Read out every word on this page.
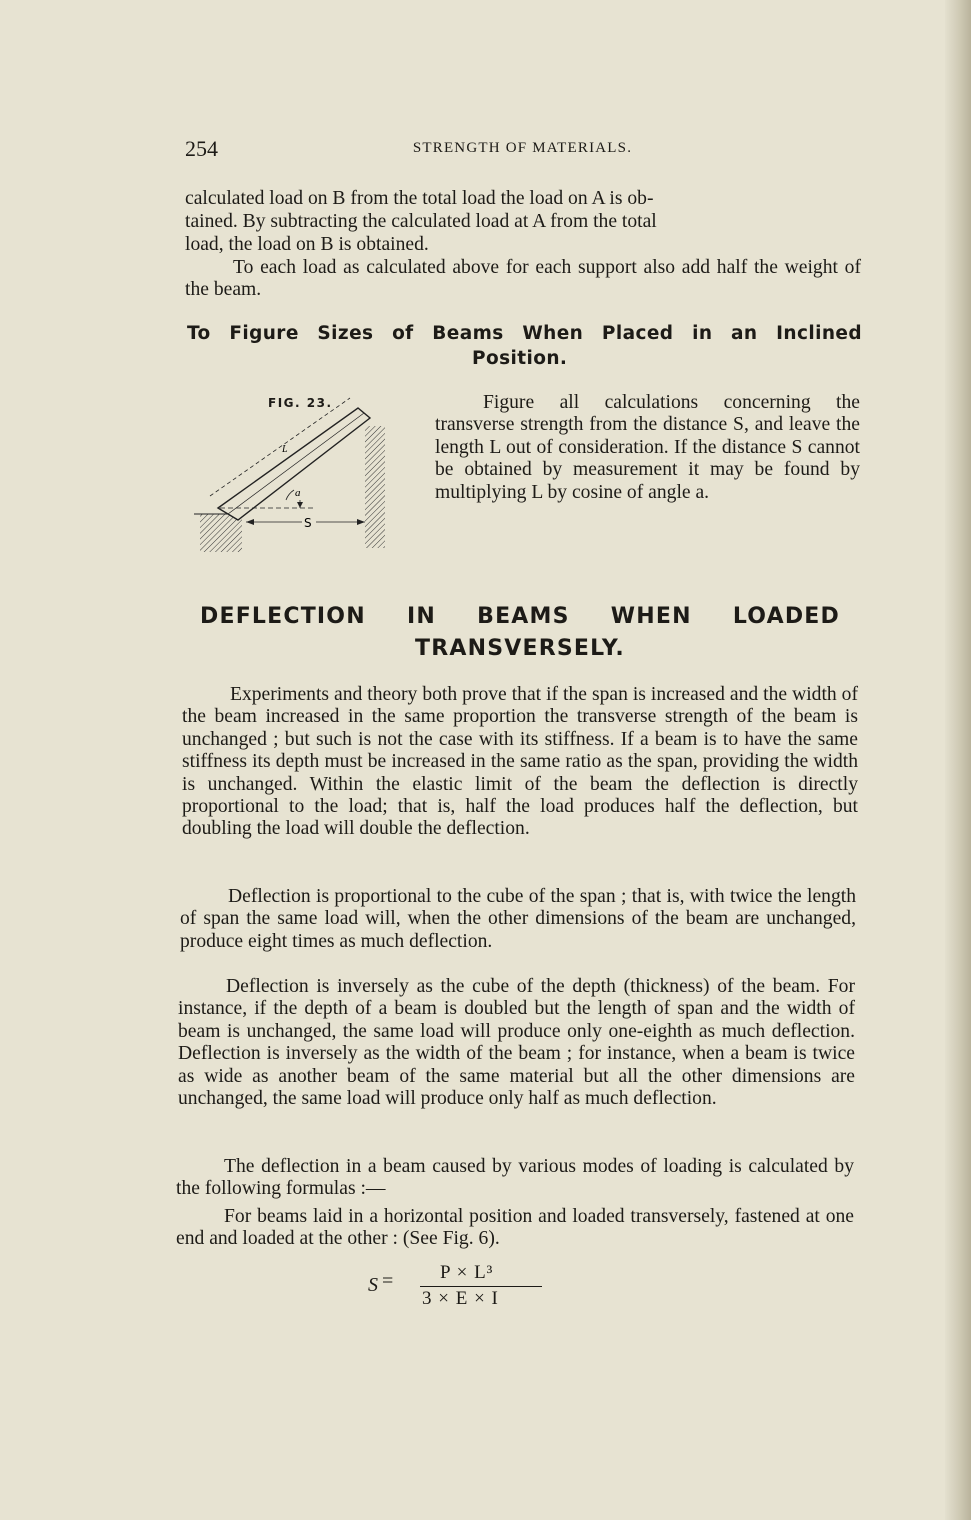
254	STRENGTH OF MATERIALS.

calculated load on B from the total load the load on A is ob-

tained. By subtracting the calculated load at A from the total

load, the load on B is obtained.

To each load as calculated above for each support also add half the weight of the beam.

To Figure Sizes of Beams When Placed in an Inclined
Position.
FIG. 23.
L
S
a

Figure all calculations concerning the transverse strength from the distance S, and leave the length L out of consideration. If the distance S cannot be obtained by measurement it may be found by multiplying L by cosine of angle a.

DEFLECTION IN BEAMS WHEN LOADED
TRANSVERSELY.

Experiments and theory both prove that if the span is increased and the width of the beam increased in the same proportion the transverse strength of the beam is unchanged ; but such is not the case with its stiffness. If a beam is to have the same stiffness its depth must be increased in the same ratio as the span, providing the width is unchanged. Within the elastic limit of the beam the deflection is directly proportional to the load; that is, half the load produces half the deflection, but doubling the load will double the deflection.

Deflection is proportional to the cube of the span ; that is, with twice the length of span the same load will, when the other dimensions of the beam are unchanged, produce eight times as much deflection.

Deflection is inversely as the cube of the depth (thickness) of the beam. For instance, if the depth of a beam is doubled but the length of span and the width of beam is unchanged, the same load will produce only one-eighth as much deflection. Deflection is inversely as the width of the beam ; for instance, when a beam is twice as wide as another beam of the same material but all the other dimensions are unchanged, the same load will produce only half as much deflection.

The deflection in a beam caused by various modes of loading is calculated by the following formulas :—

For beams laid in a horizontal position and loaded transversely, fastened at one end and loaded at the other : (See Fig. 6).

S = P × L³
3 × E × I
